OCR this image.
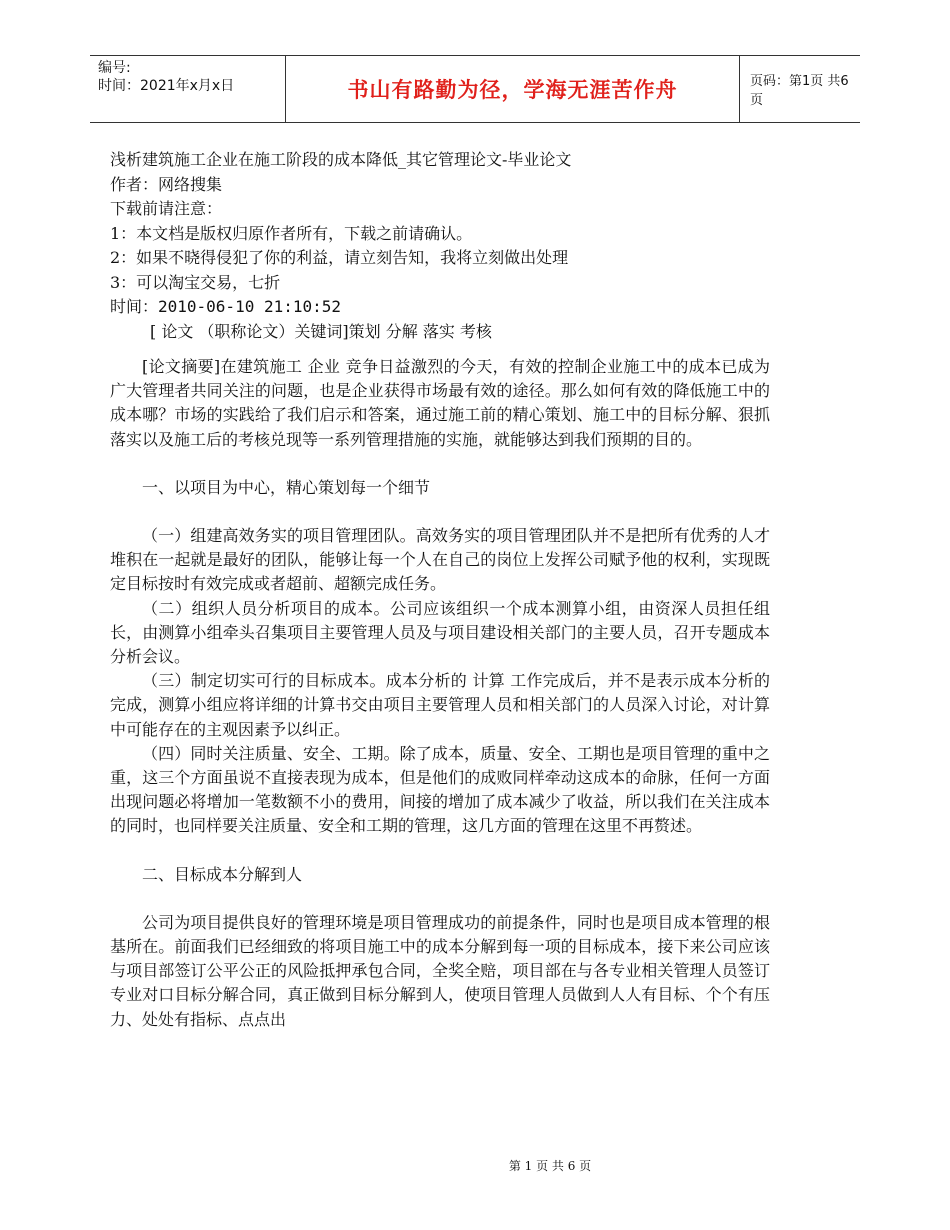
编号:
时间：2021年x月x日	书山有路勤为径，学海无涯苦作舟	页码：第1页 共6页
浅析建筑施工企业在施工阶段的成本降低_其它管理论文-毕业论文
作者：网络搜集
下载前请注意：
1：本文档是版权归原作者所有，下载之前请确认。
2：如果不晓得侵犯了你的利益，请立刻告知，我将立刻做出处理
3：可以淘宝交易，七折
时间：2010-06-10 21:10:52
[ 论文 （职称论文）关键词]策划 分解 落实 考核

[论文摘要]在建筑施工 企业 竞争日益激烈的今天，有效的控制企业施工中的成本已成为广大管理者共同关注的问题，也是企业获得市场最有效的途径。那么如何有效的降低施工中的成本哪？市场的实践给了我们启示和答案，通过施工前的精心策划、施工中的目标分解、狠抓落实以及施工后的考核兑现等一系列管理措施的实施，就能够达到我们预期的目的。

一、以项目为中心，精心策划每一个细节

（一）组建高效务实的项目管理团队。高效务实的项目管理团队并不是把所有优秀的人才堆积在一起就是最好的团队，能够让每一个人在自己的岗位上发挥公司赋予他的权利，实现既定目标按时有效完成或者超前、超额完成任务。

（二）组织人员分析项目的成本。公司应该组织一个成本测算小组，由资深人员担任组长，由测算小组牵头召集项目主要管理人员及与项目建设相关部门的主要人员，召开专题成本分析会议。

（三）制定切实可行的目标成本。成本分析的 计算 工作完成后，并不是表示成本分析的完成，测算小组应将详细的计算书交由项目主要管理人员和相关部门的人员深入讨论，对计算中可能存在的主观因素予以纠正。

（四）同时关注质量、安全、工期。除了成本，质量、安全、工期也是项目管理的重中之重，这三个方面虽说不直接表现为成本，但是他们的成败同样牵动这成本的命脉，任何一方面出现问题必将增加一笔数额不小的费用，间接的增加了成本减少了收益，所以我们在关注成本的同时，也同样要关注质量、安全和工期的管理，这几方面的管理在这里不再赘述。

二、目标成本分解到人

公司为项目提供良好的管理环境是项目管理成功的前提条件，同时也是项目成本管理的根基所在。前面我们已经细致的将项目施工中的成本分解到每一项的目标成本，接下来公司应该与项目部签订公平公正的风险抵押承包合同，全奖全赔，项目部在与各专业相关管理人员签订专业对口目标分解合同，真正做到目标分解到人，使项目管理人员做到人人有目标、个个有压力、处处有指标、点点出

第 1 页 共 6 页
